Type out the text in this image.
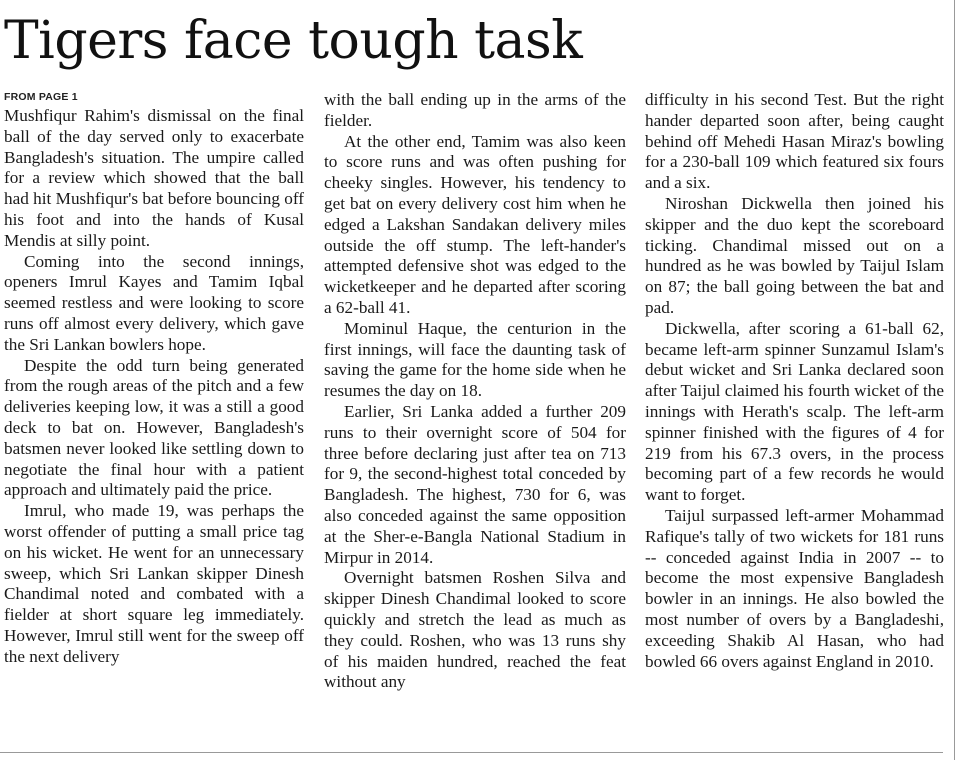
Tigers face tough task
FROM PAGE 1

Mushfiqur Rahim's dismissal on the final ball of the day served only to exacerbate Bangladesh's situation. The umpire called for a review which showed that the ball had hit Mushfiqur's bat before bouncing off his foot and into the hands of Kusal Mendis at silly point.

Coming into the second innings, openers Imrul Kayes and Tamim Iqbal seemed restless and were looking to score runs off almost every delivery, which gave the Sri Lankan bowlers hope.

Despite the odd turn being generated from the rough areas of the pitch and a few deliveries keeping low, it was a still a good deck to bat on. However, Bangladesh's batsmen never looked like settling down to negotiate the final hour with a patient approach and ultimately paid the price.

Imrul, who made 19, was perhaps the worst offender of putting a small price tag on his wicket. He went for an unnecessary sweep, which Sri Lankan skipper Dinesh Chandimal noted and combated with a fielder at short square leg immediately. However, Imrul still went for the sweep off the next delivery

with the ball ending up in the arms of the fielder.

At the other end, Tamim was also keen to score runs and was often pushing for cheeky singles. However, his tendency to get bat on every delivery cost him when he edged a Lakshan Sandakan delivery miles outside the off stump. The left-hander's attempted defensive shot was edged to the wicketkeeper and he departed after scoring a 62-ball 41.

Mominul Haque, the centurion in the first innings, will face the daunting task of saving the game for the home side when he resumes the day on 18.

Earlier, Sri Lanka added a further 209 runs to their overnight score of 504 for three before declaring just after tea on 713 for 9, the second-highest total conceded by Bangladesh. The highest, 730 for 6, was also conceded against the same opposition at the Sher-e-Bangla National Stadium in Mirpur in 2014.

Overnight batsmen Roshen Silva and skipper Dinesh Chandimal looked to score quickly and stretch the lead as much as they could. Roshen, who was 13 runs shy of his maiden hundred, reached the feat without any

difficulty in his second Test. But the right hander departed soon after, being caught behind off Mehedi Hasan Miraz's bowling for a 230-ball 109 which featured six fours and a six.

Niroshan Dickwella then joined his skipper and the duo kept the scoreboard ticking. Chandimal missed out on a hundred as he was bowled by Taijul Islam on 87; the ball going between the bat and pad.

Dickwella, after scoring a 61-ball 62, became left-arm spinner Sunzamul Islam's debut wicket and Sri Lanka declared soon after Taijul claimed his fourth wicket of the innings with Herath's scalp. The left-arm spinner finished with the figures of 4 for 219 from his 67.3 overs, in the process becoming part of a few records he would want to forget.

Taijul surpassed left-armer Mohammad Rafique's tally of two wickets for 181 runs -- conceded against India in 2007 -- to become the most expensive Bangladesh bowler in an innings. He also bowled the most number of overs by a Bangladeshi, exceeding Shakib Al Hasan, who had bowled 66 overs against England in 2010.
